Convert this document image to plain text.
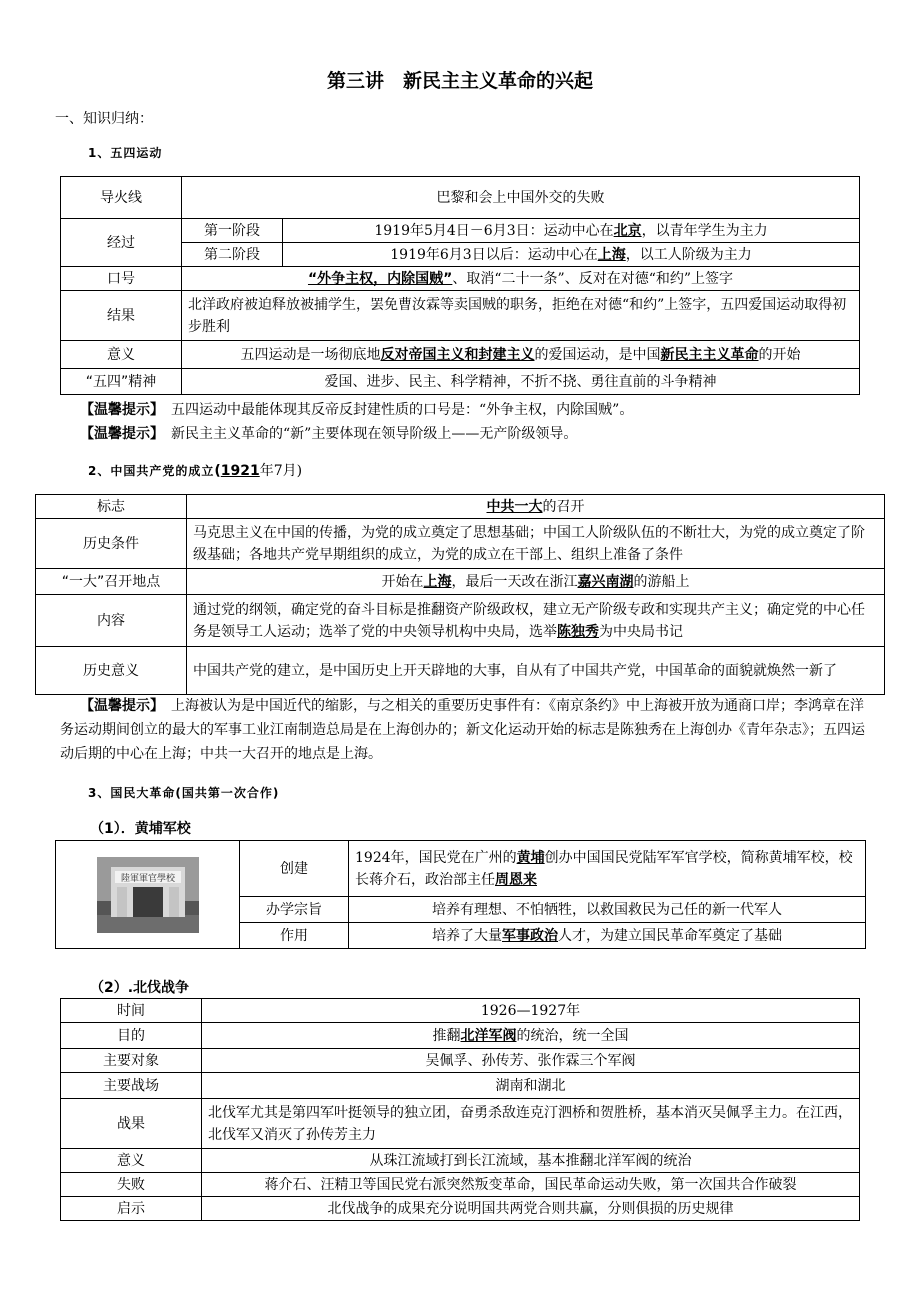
第三讲　新民主主义革命的兴起
一、知识归纳：
1、五四运动
导火线	巴黎和会上中国外交的失败	
经过	第一阶段	1919年5月4日－6月3日：运动中心在北京，以青年学生为主力
	第二阶段	1919年6月3日以后：运动中心在上海，以工人阶级为主力
口号	“外争主权，内除国贼”、取消“二十一条”、反对在对德“和约”上签字	
结果	北洋政府被迫释放被捕学生，罢免曹汝霖等卖国贼的职务，拒绝在对德“和约”上签字，五四爱国运动取得初步胜利	
意义	五四运动是一场彻底地反对帝国主义和封建主义的爱国运动，是中国新民主主义革命的开始	
“五四”精神	爱国、进步、民主、科学精神，不折不挠、勇往直前的斗争精神	
【温馨提示】　五四运动中最能体现其反帝反封建性质的口号是：“外争主权，内除国贼”。
【温馨提示】　新民主主义革命的“新”主要体现在领导阶级上——无产阶级领导。
2、中国共产党的成立(1921年7月)
标志	中共一大的召开
历史条件	马克思主义在中国的传播，为党的成立奠定了思想基础；中国工人阶级队伍的不断壮大，为党的成立奠定了阶级基础；各地共产党早期组织的成立，为党的成立在干部上、组织上准备了条件
“一大”召开地点	开始在上海，最后一天改在浙江嘉兴南湖的游船上
内容	通过党的纲领，确定党的奋斗目标是推翻资产阶级政权，建立无产阶级专政和实现共产主义；确定党的中心任务是领导工人运动；选举了党的中央领导机构中央局，选举陈独秀为中央局书记
历史意义	中国共产党的建立，是中国历史上开天辟地的大事，自从有了中国共产党，中国革命的面貌就焕然一新了
【温馨提示】　上海被认为是中国近代的缩影，与之相关的重要历史事件有：《南京条约》中上海被开放为通商口岸；李鸿章在洋务运动期间创立的最大的军事工业江南制造总局是在上海创办的；新文化运动开始的标志是陈独秀在上海创办《青年杂志》；五四运动后期的中心在上海；中共一大召开的地点是上海。
3、国民大革命(国共第一次合作)
（1）．黄埔军校
陸軍軍官學校	创建	1924年，国民党在广州的黄埔创办中国国民党陆军军官学校，简称黄埔军校，校长蒋介石，政治部主任周恩来
	办学宗旨	培养有理想、不怕牺牲，以救国救民为己任的新一代军人
	作用	培养了大量军事政治人才，为建立国民革命军奠定了基础
（2）.北伐战争
时间	1926—1927年
目的	推翻北洋军阀的统治，统一全国
主要对象	吴佩孚、孙传芳、张作霖三个军阀
主要战场	湖南和湖北
战果	北伐军尤其是第四军叶挺领导的独立团，奋勇杀敌连克汀泗桥和贺胜桥，基本消灭吴佩孚主力。在江西，北伐军又消灭了孙传芳主力
意义	从珠江流域打到长江流域，基本推翻北洋军阀的统治
失败	蒋介石、汪精卫等国民党右派突然叛变革命，国民革命运动失败，第一次国共合作破裂
启示	北伐战争的成果充分说明国共两党合则共赢，分则俱损的历史规律
